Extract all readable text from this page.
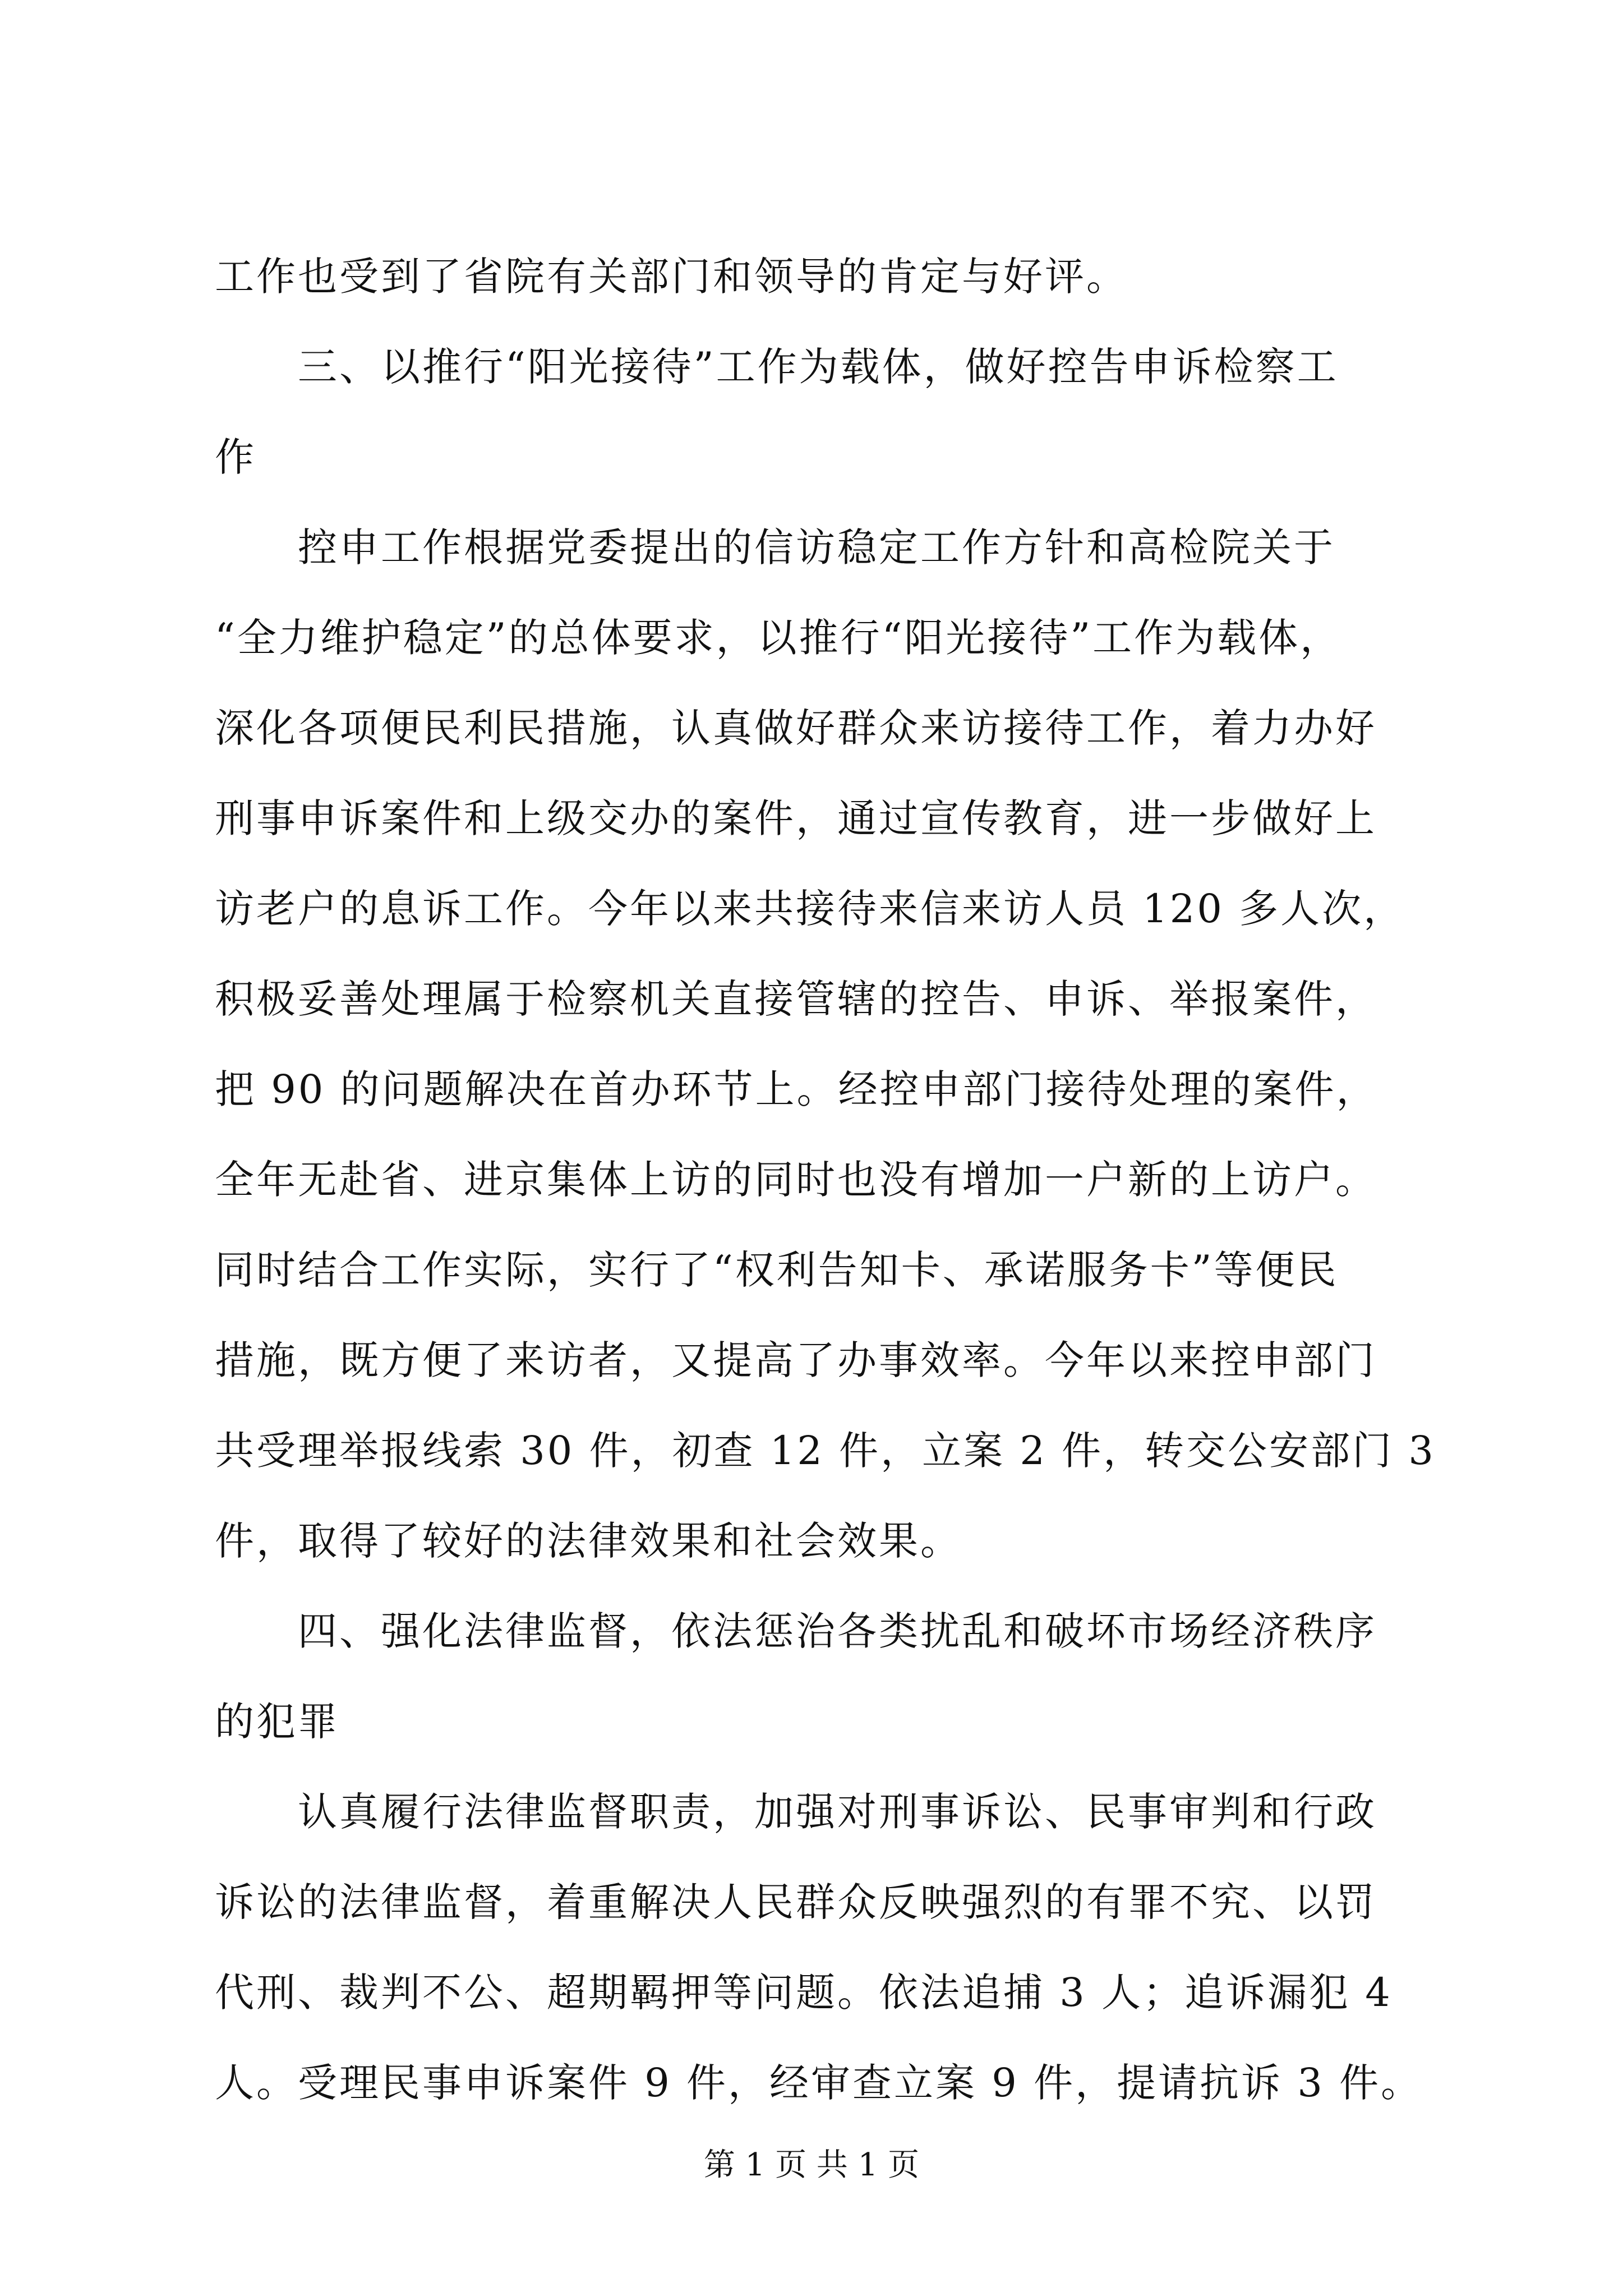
工作也受到了省院有关部门和领导的肯定与好评。
　　三、以推行“阳光接待”工作为载体，做好控告申诉检察工
作
　　控申工作根据党委提出的信访稳定工作方针和高检院关于
“全力维护稳定”的总体要求，以推行“阳光接待”工作为载体，
深化各项便民利民措施，认真做好群众来访接待工作，着力办好
刑事申诉案件和上级交办的案件，通过宣传教育，进一步做好上
访老户的息诉工作。今年以来共接待来信来访人员 120 多人次，
积极妥善处理属于检察机关直接管辖的控告、申诉、举报案件，
把 90 的问题解决在首办环节上。经控申部门接待处理的案件，
全年无赴省、进京集体上访的同时也没有增加一户新的上访户。
同时结合工作实际，实行了“权利告知卡、承诺服务卡”等便民
措施，既方便了来访者，又提高了办事效率。今年以来控申部门
共受理举报线索 30 件，初查 12 件，立案 2 件，转交公安部门 3
件，取得了较好的法律效果和社会效果。
　　四、强化法律监督，依法惩治各类扰乱和破坏市场经济秩序
的犯罪
　　认真履行法律监督职责，加强对刑事诉讼、民事审判和行政
诉讼的法律监督，着重解决人民群众反映强烈的有罪不究、以罚
代刑、裁判不公、超期羁押等问题。依法追捕 3 人；追诉漏犯 4
人。受理民事申诉案件 9 件，经审查立案 9 件，提请抗诉 3 件。
第 1 页 共 1 页
